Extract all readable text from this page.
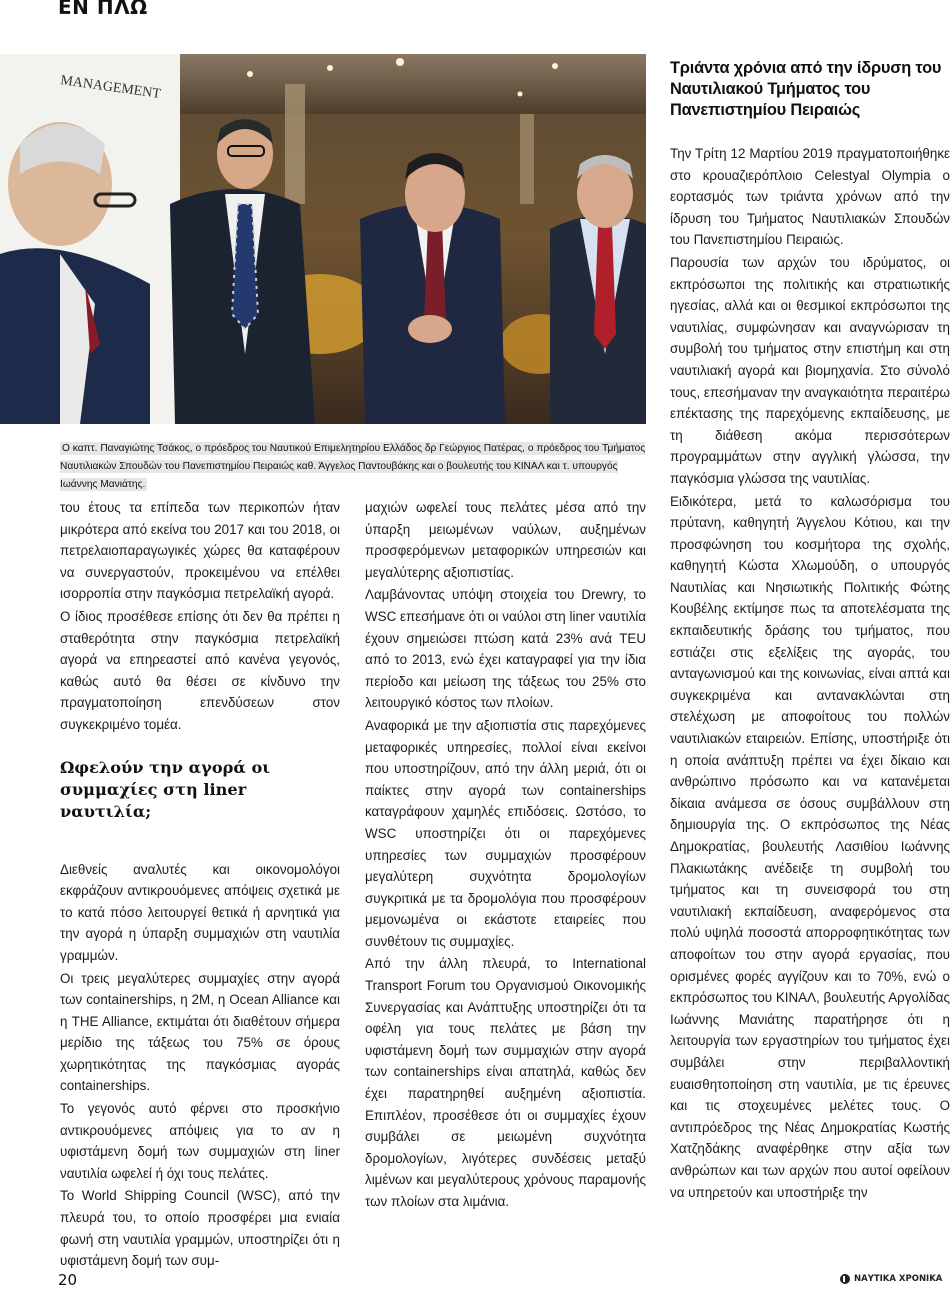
ΕΝ ΠΛΩ
MANAGEMENT
Ο καπτ. Παναγιώτης Τσάκος, ο πρόεδρος του Ναυτικού Επιμελητηρίου Ελλάδος δρ Γεώργιος Πατέρας, ο πρόεδρος του Τμήματος Ναυτιλιακών Σπουδών του Πανεπιστημίου Πειραιώς καθ. Άγγελος Παντουβάκης και ο βουλευτής του ΚΙΝΑΛ και τ. υπουργός Ιωάννης Μανιάτης.

του έτους τα επίπεδα των περικοπών ήταν μικρότερα από εκείνα του 2017 και του 2018, οι πετρελαιοπαραγωγικές χώρες θα καταφέρουν να συνεργαστούν, προκειμένου να επέλθει ισορροπία στην παγκόσμια πετρελαϊκή αγορά.

Ο ίδιος προσέθεσε επίσης ότι δεν θα πρέπει η σταθερότητα στην παγκόσμια πετρελαϊκή αγορά να επηρεαστεί από κανένα γεγονός, καθώς αυτό θα θέσει σε κίνδυνο την πραγματοποίηση επενδύσεων στον συγκεκριμένο τομέα.

Ωφελούν την αγορά οι συμμαχίες στη liner ναυτιλία;

Διεθνείς αναλυτές και οικονομολόγοι εκφράζουν αντικρουόμενες απόψεις σχετικά με το κατά πόσο λειτουργεί θετικά ή αρνητικά για την αγορά η ύπαρξη συμμαχιών στη ναυτιλία γραμμών.

Οι τρεις μεγαλύτερες συμμαχίες στην αγορά των containerships, η 2M, η Ocean Alliance και η THE Alliance, εκτιμάται ότι διαθέτουν σήμερα μερίδιο της τάξεως του 75% σε όρους χωρητικότητας της παγκόσμιας αγοράς containerships.

Το γεγονός αυτό φέρνει στο προσκήνιο αντικρουόμενες απόψεις για το αν η υφιστάμενη δομή των συμμαχιών στη liner ναυτιλία ωφελεί ή όχι τους πελάτες.

Το World Shipping Council (WSC), από την πλευρά του, το οποίο προσφέρει μια ενιαία φωνή στη ναυτιλία γραμμών, υποστηρίζει ότι η υφιστάμενη δομή των συμ-

μαχιών ωφελεί τους πελάτες μέσα από την ύπαρξη μειωμένων ναύλων, αυξημένων προσφερόμενων μεταφορικών υπηρεσιών και μεγαλύτερης αξιοπιστίας.

Λαμβάνοντας υπόψη στοιχεία του Drewry, το WSC επεσήμανε ότι οι ναύλοι στη liner ναυτιλία έχουν σημειώσει πτώση κατά 23% ανά TEU από το 2013, ενώ έχει καταγραφεί για την ίδια περίοδο και μείωση της τάξεως του 25% στο λειτουργικό κόστος των πλοίων.

Αναφορικά με την αξιοπιστία στις παρεχόμενες μεταφορικές υπηρεσίες, πολλοί είναι εκείνοι που υποστηρίζουν, από την άλλη μεριά, ότι οι παίκτες στην αγορά των containerships καταγράφουν χαμηλές επιδόσεις. Ωστόσο, το WSC υποστηρίζει ότι οι παρεχόμενες υπηρεσίες των συμμαχιών προσφέρουν μεγαλύτερη συχνότητα δρομολογίων συγκριτικά με τα δρομολόγια που προσφέρουν μεμονωμένα οι εκάστοτε εταιρείες που συνθέτουν τις συμμαχίες.

Από την άλλη πλευρά, το International Transport Forum του Οργανισμού Οικονομικής Συνεργασίας και Ανάπτυξης υποστηρίζει ότι τα οφέλη για τους πελάτες με βάση την υφιστάμενη δομή των συμμαχιών στην αγορά των containerships είναι απατηλά, καθώς δεν έχει παρατηρηθεί αυξημένη αξιοπιστία. Επιπλέον, προσέθεσε ότι οι συμμαχίες έχουν συμβάλει σε μειωμένη συχνότητα δρομολογίων, λιγότερες συνδέσεις μεταξύ λιμένων και μεγαλύτερους χρόνους παραμονής των πλοίων στα λιμάνια.

Τριάντα χρόνια από την ίδρυση του Ναυτιλιακού Τμήματος του Πανεπιστημίου Πειραιώς

Την Τρίτη 12 Μαρτίου 2019 πραγματοποιήθηκε στο κρουαζιερόπλοιο Celestyal Olympia ο εορτασμός των τριάντα χρόνων από την ίδρυση του Τμήματος Ναυτιλιακών Σπουδών του Πανεπιστημίου Πειραιώς.

Παρουσία των αρχών του ιδρύματος, οι εκπρόσωποι της πολιτικής και στρατιωτικής ηγεσίας, αλλά και οι θεσμικοί εκπρόσωποι της ναυτιλίας, συμφώνησαν και αναγνώρισαν τη συμβολή του τμήματος στην επιστήμη και στη ναυτιλιακή αγορά και βιομηχανία. Στο σύνολό τους, επεσήμαναν την αναγκαιότητα περαιτέρω επέκτασης της παρεχόμενης εκπαίδευσης, με τη διάθεση ακόμα περισσότερων προγραμμάτων στην αγγλική γλώσσα, την παγκόσμια γλώσσα της ναυτιλίας.

Ειδικότερα, μετά το καλωσόρισμα του πρύτανη, καθηγητή Άγγελου Κότιου, και την προσφώνηση του κοσμήτορα της σχολής, καθηγητή Κώστα Χλωμούδη, ο υπουργός Ναυτιλίας και Νησιωτικής Πολιτικής Φώτης Κουβέλης εκτίμησε πως τα αποτελέσματα της εκπαιδευτικής δράσης του τμήματος, που εστιάζει στις εξελίξεις της αγοράς, του ανταγωνισμού και της κοινωνίας, είναι απτά και συγκεκριμένα και αντανακλώνται στη στελέχωση με αποφοίτους του πολλών ναυτιλιακών εταιρειών. Επίσης, υποστήριξε ότι η οποία ανάπτυξη πρέπει να έχει δίκαιο και ανθρώπινο πρόσωπο και να κατανέμεται δίκαια ανάμεσα σε όσους συμβάλλουν στη δημιουργία της. Ο εκπρόσωπος της Νέας Δημοκρατίας, βουλευτής Λασιθίου Ιωάννης Πλακιωτάκης ανέδειξε τη συμβολή του τμήματος και τη συνεισφορά του στη ναυτιλιακή εκπαίδευση, αναφερόμενος στα πολύ υψηλά ποσοστά απορροφητικότητας των αποφοίτων του στην αγορά εργασίας, που ορισμένες φορές αγγίζουν και το 70%, ενώ ο εκπρόσωπος του ΚΙΝΑΛ, βουλευτής Αργολίδας Ιωάννης Μανιάτης παρατήρησε ότι η λειτουργία των εργαστηρίων του τμήματος έχει συμβάλει στην περιβαλλοντική ευαισθητοποίηση στη ναυτιλία, με τις έρευνες και τις στοχευμένες μελέτες τους. Ο αντιπρόεδρος της Νέας Δημοκρατίας Κωστής Χατζηδάκης αναφέρθηκε στην αξία των ανθρώπων και των αρχών που αυτοί οφείλουν να υπηρετούν και υποστήριξε την

20	ΝΑΥΤΙΚΑ ΧΡΟΝΙΚΑ
